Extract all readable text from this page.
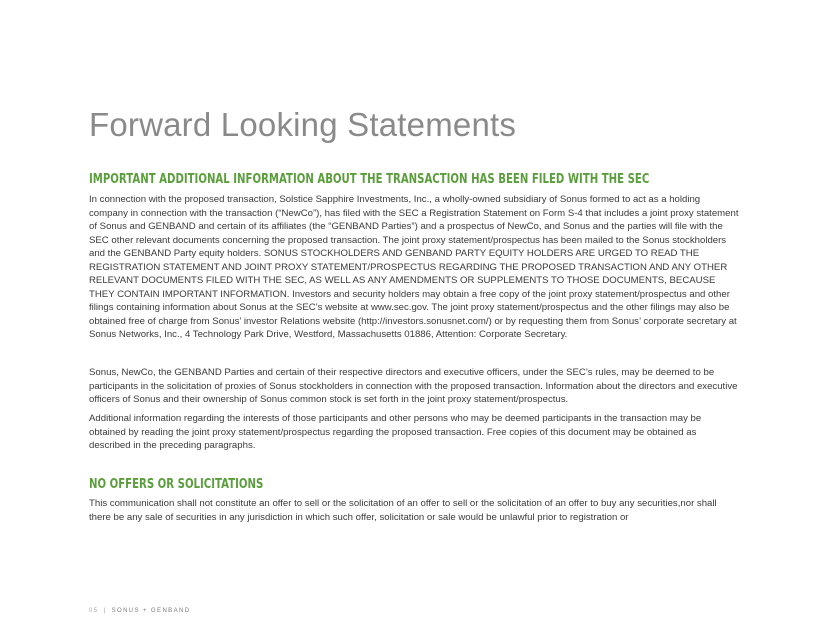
Forward Looking Statements
IMPORTANT ADDITIONAL INFORMATION ABOUT THE TRANSACTION HAS BEEN FILED WITH THE SEC

In connection with the proposed transaction, Solstice Sapphire Investments, Inc., a wholly-owned subsidiary of Sonus formed to act as a holding company in connection with the transaction (“NewCo”), has filed with the SEC a Registration Statement on Form S-4 that includes a joint proxy statement of Sonus and GENBAND and certain of its affiliates (the “GENBAND Parties”) and a prospectus of NewCo, and Sonus and the parties will file with the SEC other relevant documents concerning the proposed transaction. The joint proxy statement/prospectus has been mailed to the Sonus stockholders and the GENBAND Party equity holders. SONUS STOCKHOLDERS AND GENBAND PARTY EQUITY HOLDERS ARE URGED TO READ THE REGISTRATION STATEMENT AND JOINT PROXY STATEMENT/PROSPECTUS REGARDING THE PROPOSED TRANSACTION AND ANY OTHER RELEVANT DOCUMENTS FILED WITH THE SEC, AS WELL AS ANY AMENDMENTS OR SUPPLEMENTS TO THOSE DOCUMENTS, BECAUSE THEY CONTAIN IMPORTANT INFORMATION. Investors and security holders may obtain a free copy of the joint proxy statement/prospectus and other filings containing information about Sonus at the SEC’s website at www.sec.gov. The joint proxy statement/prospectus and the other filings may also be obtained free of charge from Sonus’ investor Relations website (http://investors.sonusnet.com/) or by requesting them from Sonus’ corporate secretary at Sonus Networks, Inc., 4 Technology Park Drive, Westford, Massachusetts 01886, Attention: Corporate Secretary.

Sonus, NewCo, the GENBAND Parties and certain of their respective directors and executive officers, under the SEC’s rules, may be deemed to be participants in the solicitation of proxies of Sonus stockholders in connection with the proposed transaction. Information about the directors and executive officers of Sonus and their ownership of Sonus common stock is set forth in the joint proxy statement/prospectus.

Additional information regarding the interests of those participants and other persons who may be deemed participants in the transaction may be obtained by reading the joint proxy statement/prospectus regarding the proposed transaction. Free copies of this document may be obtained as described in the preceding paragraphs.

NO OFFERS OR SOLICITATIONS

This communication shall not constitute an offer to sell or the solicitation of an offer to sell or the solicitation of an offer to buy any securities,nor shall there be any sale of securities in any jurisdiction in which such offer, solicitation or sale would be unlawful prior to registration or

05 | SONUS + GENBAND
